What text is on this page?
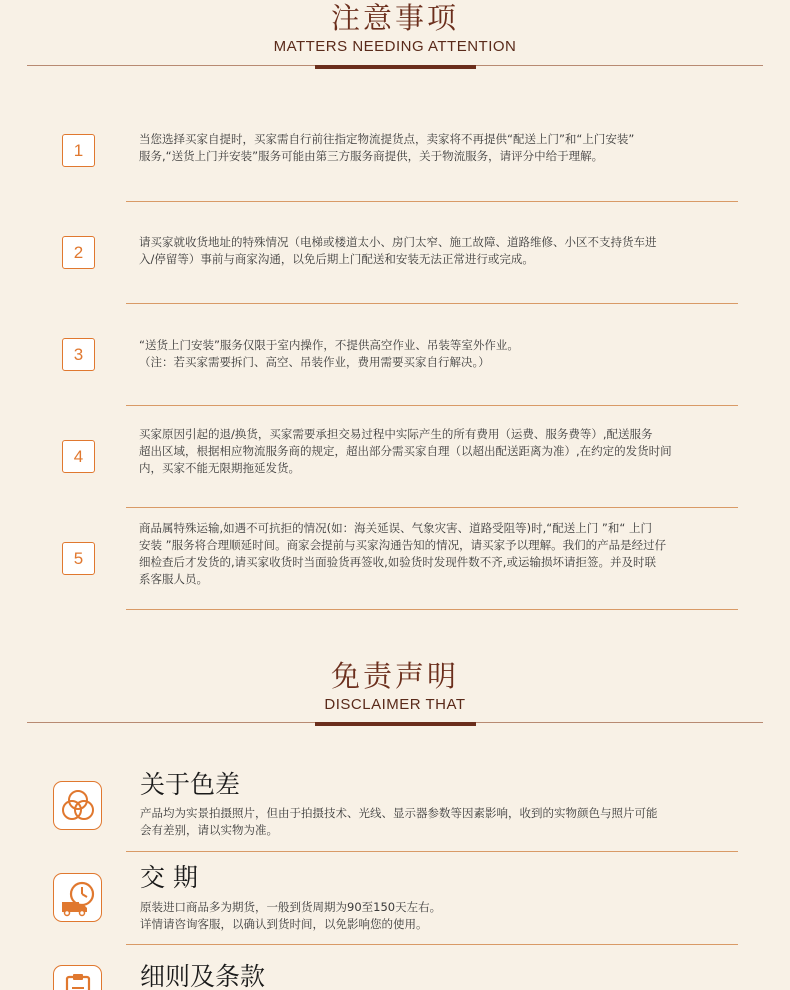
注意事项
MATTERS NEEDING ATTENTION
1
当您选择买家自提时，买家需自行前往指定物流提货点，卖家将不再提供“配送上门”和“上门安装”
服务,“送货上门并安装”服务可能由第三方服务商提供，关于物流服务，请评分中给于理解。
2
请买家就收货地址的特殊情况（电梯或楼道太小、房门太窄、施工故障、道路维修、小区不支持货车进
入/停留等）事前与商家沟通，以免后期上门配送和安装无法正常进行或完成。
3	“送货上门安装”服务仅限于室内操作，不提供高空作业、吊装等室外作业。
（注：若买家需要拆门、高空、吊装作业，费用需要买家自行解决。）
4
买家原因引起的退/换货，买家需要承担交易过程中实际产生的所有费用（运费、服务费等）,配送服务
超出区域，根据相应物流服务商的规定，超出部分需买家自理（以超出配送距离为准）,在约定的发货时间
内，买家不能无限期拖延发货。
5
商品属特殊运输,如遇不可抗拒的情况(如：海关延误、气象灾害、道路受阻等)时,“配送上门 ”和“ 上门
安装 ”服务将合理顺延时间。商家会提前与买家沟通告知的情况，请买家予以理解。我们的产品是经过仔
细检查后才发货的,请买家收货时当面验货再签收,如验货时发现件数不齐,或运输损坏请拒签。并及时联
系客服人员。
免责声明
DISCLAIMER THAT
关于色差
产品均为实景拍摄照片，但由于拍摄技术、光线、显示器参数等因素影响，收到的实物颜色与照片可能
会有差别，请以实物为准。
交 期
原装进口商品多为期货，一般到货周期为90至150天左右。
详情请咨询客服，以确认到货时间，以免影响您的使用。
细则及条款
